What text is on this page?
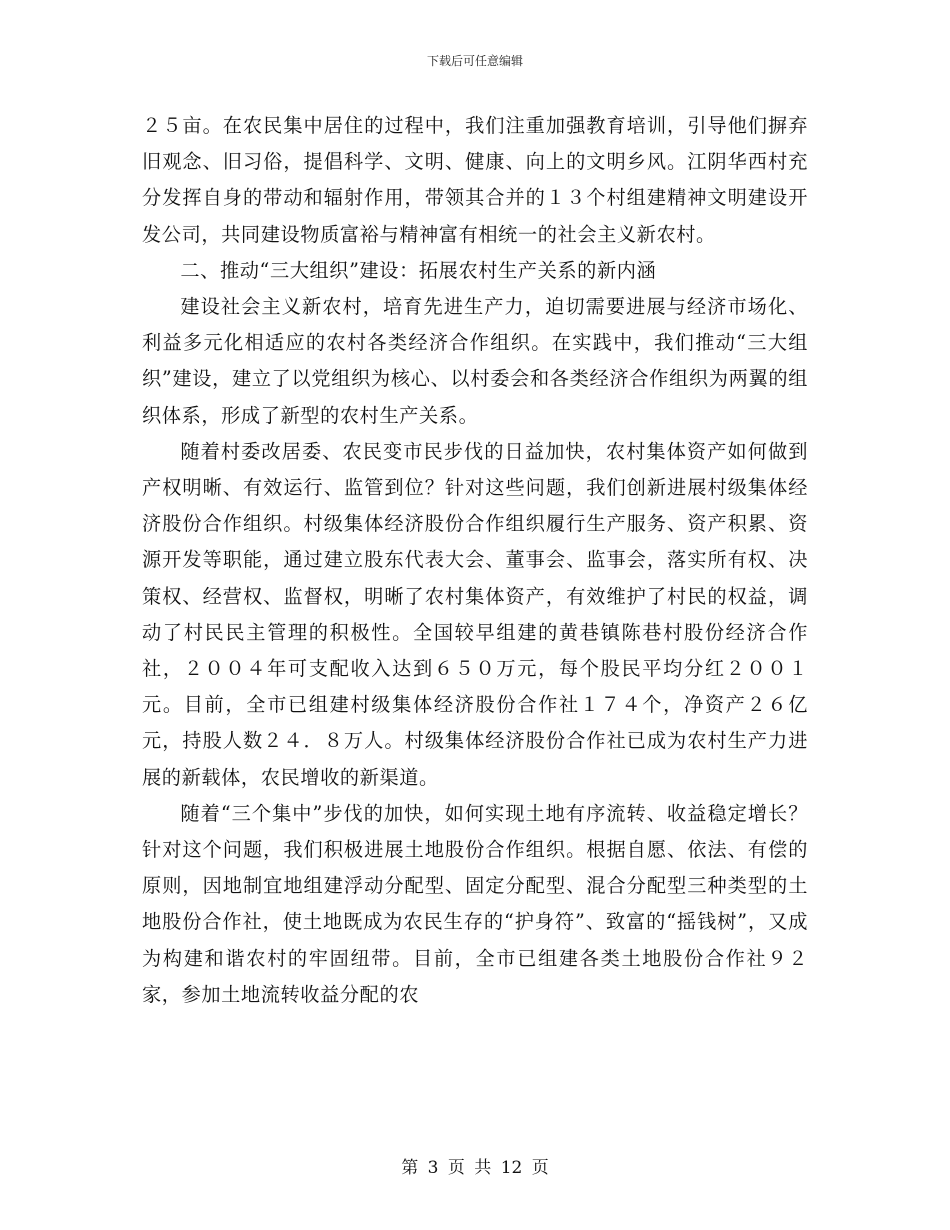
下载后可任意编辑

２５亩。在农民集中居住的过程中，我们注重加强教育培训，引导他们摒弃旧观念、旧习俗，提倡科学、文明、健康、向上的文明乡风。江阴华西村充分发挥自身的带动和辐射作用，带领其合并的１３个村组建精神文明建设开发公司，共同建设物质富裕与精神富有相统一的社会主义新农村。

二、推动“三大组织”建设：拓展农村生产关系的新内涵

建设社会主义新农村，培育先进生产力，迫切需要进展与经济市场化、利益多元化相适应的农村各类经济合作组织。在实践中，我们推动“三大组织”建设，建立了以党组织为核心、以村委会和各类经济合作组织为两翼的组织体系，形成了新型的农村生产关系。

随着村委改居委、农民变市民步伐的日益加快，农村集体资产如何做到产权明晰、有效运行、监管到位？针对这些问题，我们创新进展村级集体经济股份合作组织。村级集体经济股份合作组织履行生产服务、资产积累、资源开发等职能，通过建立股东代表大会、董事会、监事会，落实所有权、决策权、经营权、监督权，明晰了农村集体资产，有效维护了村民的权益，调动了村民民主管理的积极性。全国较早组建的黄巷镇陈巷村股份经济合作社，２００４年可支配收入达到６５０万元，每个股民平均分红２００１元。目前，全市已组建村级集体经济股份合作社１７４个，净资产２６亿元，持股人数２４．８万人。村级集体经济股份合作社已成为农村生产力进展的新载体，农民增收的新渠道。

随着“三个集中”步伐的加快，如何实现土地有序流转、收益稳定增长？针对这个问题，我们积极进展土地股份合作组织。根据自愿、依法、有偿的原则，因地制宜地组建浮动分配型、固定分配型、混合分配型三种类型的土地股份合作社，使土地既成为农民生存的“护身符”、致富的“摇钱树”，又成为构建和谐农村的牢固纽带。目前，全市已组建各类土地股份合作社９２家，参加土地流转收益分配的农

第 3 页 共 12 页
